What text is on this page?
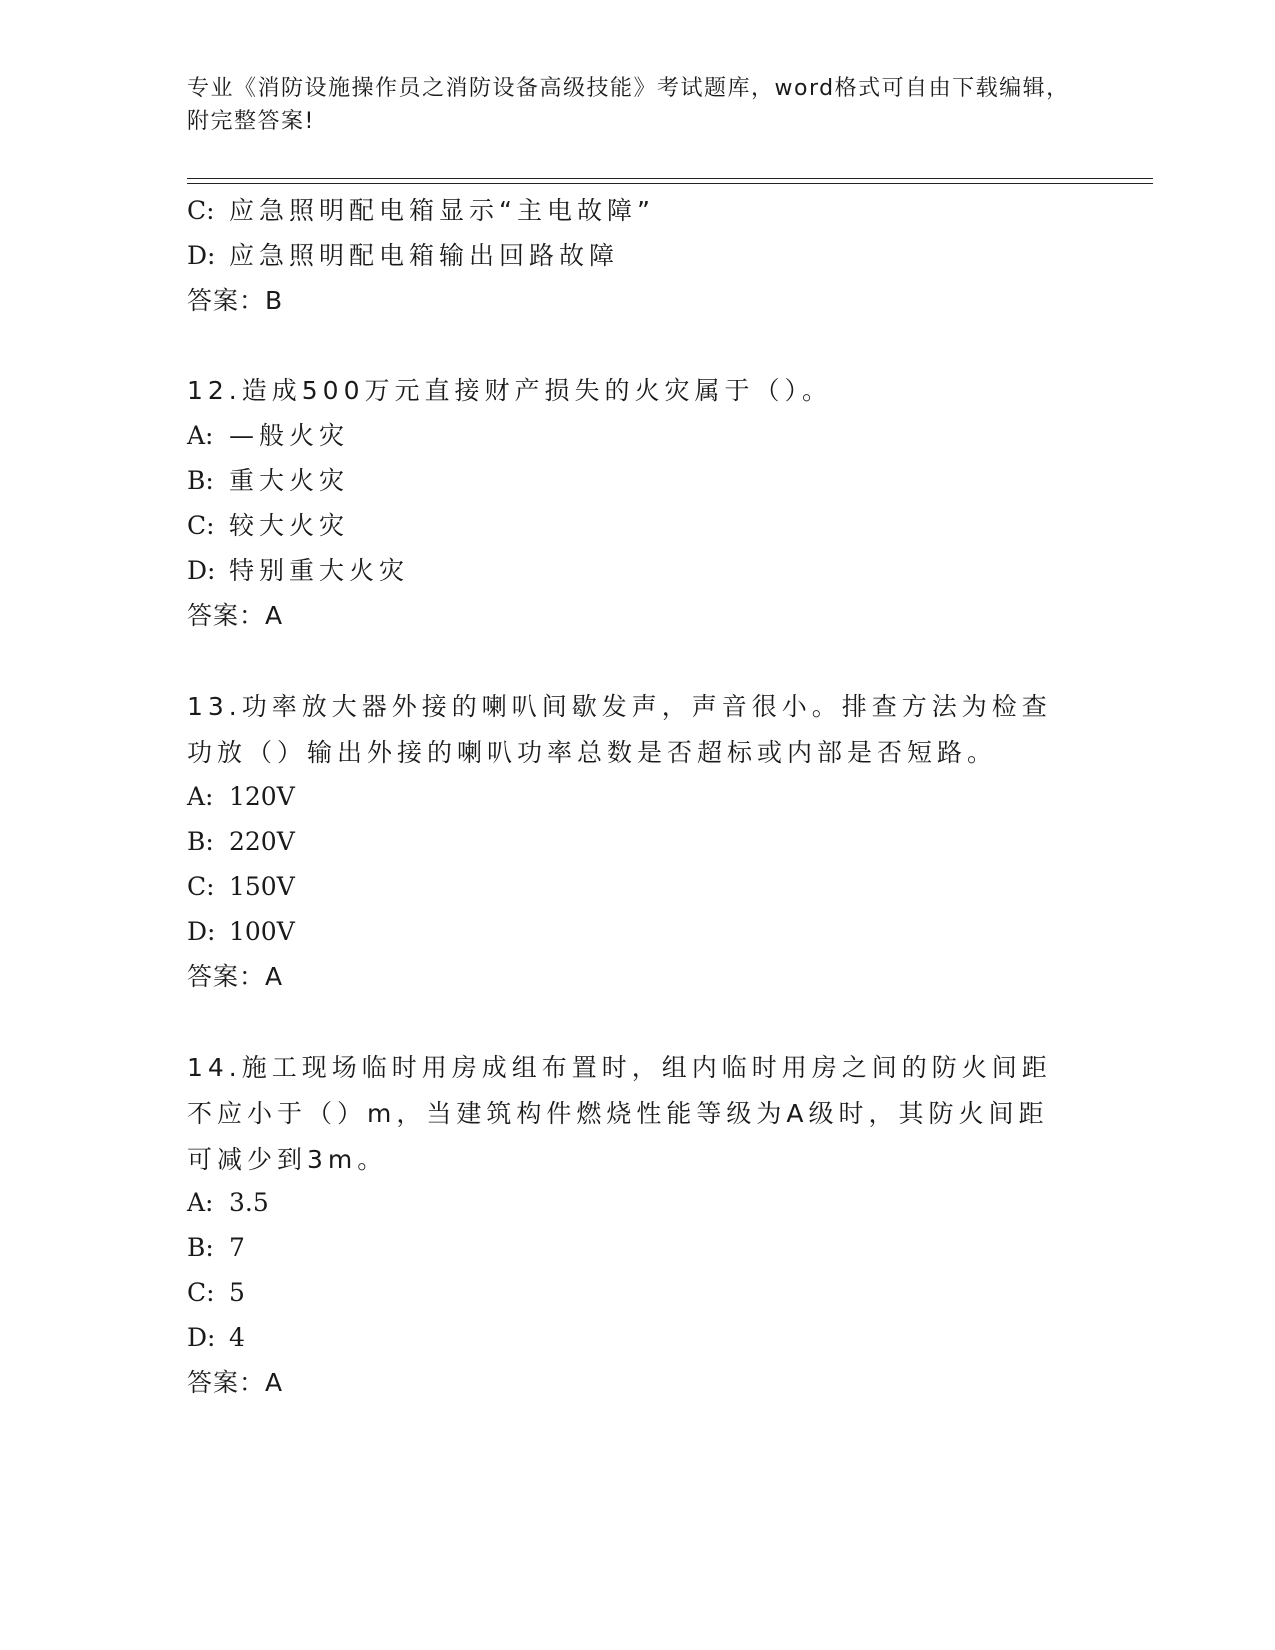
专业《消防设施操作员之消防设备高级技能》考试题库，word格式可自由下载编辑，附完整答案!
C: 应急照明配电箱显示“主电故障”
D: 应急照明配电箱输出回路故障
答案：B
12.造成500万元直接财产损失的火灾属于（）。
A: —般火灾
B: 重大火灾
C: 较大火灾
D: 特别重大火灾
答案：A
13.功率放大器外接的喇叭间歇发声，声音很小。排查方法为检查功放（）输出外接的喇叭功率总数是否超标或内部是否短路。
A: 120V
B: 220V
C: 150V
D: 100V
答案：A
14.施工现场临时用房成组布置时，组内临时用房之间的防火间距不应小于（）m，当建筑构件燃烧性能等级为A级时，其防火间距可减少到3m。
A: 3.5
B: 7
C: 5
D: 4
答案：A
